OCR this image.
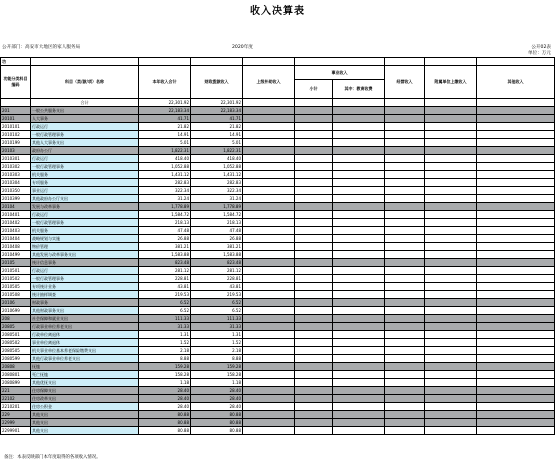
收入决算表
公开部门：高安市大地区的家人服务局	2020年度	公开02表
单位：万元
功									
功能分类科目编码	科目（类/款/项）名称	本年收入合计	财政拨款收入	上级补助收入	事业收入		经营收入	附属单位上缴收入	其他收入
					小计	其中：教育收费			
	合计	22,301.92	22,301.92						
201	一般公共服务支出	22,183.34	22,183.34						
20101	人大事务	41.71	41.71						
2010101	行政运行	21.82	21.82						
2010102	一般行政管理事务	14.91	14.91						
2010199	其他人大事务支出	5.01	5.01						
20103	政府办公厅	1,822.31	1,822.31						
2010301	行政运行	418.40	418.40						
2010302	一般行政管理事务	1,052.88	1,052.88						
2010303	机关服务	1,431.12	1,431.12						
2010304	专项服务	282.83	282.83						
2010350	事业运行	322.34	322.34						
2010399	其他政府办公厅支出	31.24	31.24						
20104	发展与改革事务	1,778.89	1,778.89						
2010401	行政运行	1,584.72	1,584.72						
2010402	一般行政管理事务	218.13	218.13						
2010403	机关服务	47.48	47.48						
2010404	战略规划与实施	26.88	26.88						
2010408	物价管理	381.21	381.21						
2010499	其他发展与改革事务支出	1,583.88	1,583.88						
20105	统计信息事务	823.48	823.48						
2010501	行政运行	281.12	281.12						
2010502	一般行政管理事务	228.81	228.81						
2010505	专项统计业务	43.81	43.81						
2010508	统计抽样调查	219.53	219.53						
20106	财政事务	6.52	6.52						
2010699	其他财政事务支出	6.52	6.52						
208	社会保障和就业支出	111.33	111.33						
20805	行政事业单位养老支出	31.33	31.33						
2080501	行政单位离退休	1.31	1.31						
2080502	事业单位离退休	1.52	1.52						
2080505	机关事业单位基本养老保险缴费支出	2.18	2.18						
2080599	其他行政事业单位养老支出	8.88	8.88						
20808	抚恤	159.28	159.28						
2080801	死亡抚恤	158.28	158.28						
2080899	其他优抚支出	1.18	1.18						
221	住房保障支出	28.40	28.40						
22102	住房改革支出	28.40	28.40						
2210201	住房公积金	28.40	28.40						
229	其他支出	80.88	80.88						
22999	其他支出	80.88	80.88						
2299901	其他支出	80.88	80.88						
备注：本表反映部门本年度取得的各项收入情况。
